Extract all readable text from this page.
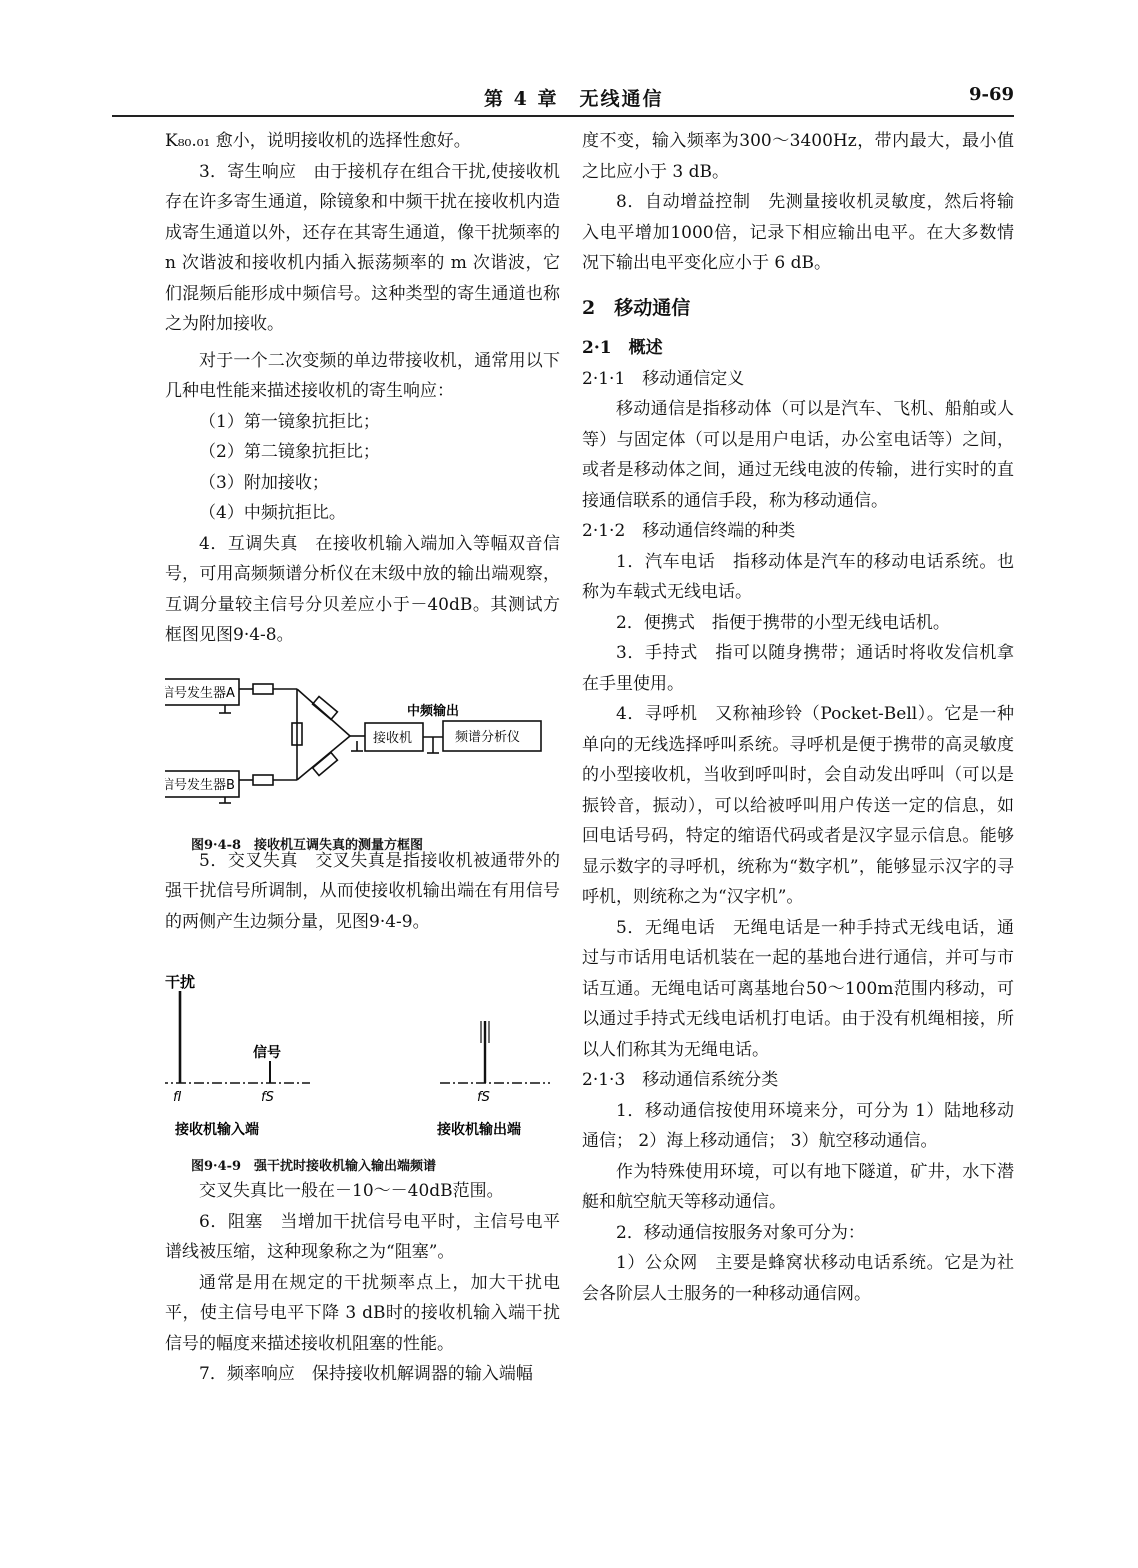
第 4 章　无线通信	9-69

K₈₀.₀₁ 愈小，说明接收机的选择性愈好。

3．寄生响应　由于接机存在组合干扰,使接收机存在许多寄生通道，除镜象和中频干扰在接收机内造成寄生通道以外，还存在其寄生通道，像干扰频率的 n 次谐波和接收机内插入振荡频率的 m 次谐波，它们混频后能形成中频信号。这种类型的寄生通道也称之为附加接收。

对于一个二次变频的单边带接收机，通常用以下几种电性能来描述接收机的寄生响应：

（1）第一镜象抗拒比；

（2）第二镜象抗拒比；

（3）附加接收；

（4）中频抗拒比。

4．互调失真　在接收机输入端加入等幅双音信号，可用高频频谱分析仪在末级中放的输出端观察，互调分量较主信号分贝差应小于－40dB。其测试方框图见图9·4-8。

信号发生器A
信号发生器B
接收机	频谱分析仪
中频输出

图9·4-8　接收机互调失真的测量方框图

5．交叉失真　交叉失真是指接收机被通带外的强干扰信号所调制，从而使接收机输出端在有用信号的两侧产生边频分量，见图9·4-9。

干扰
信号
fI	fS	fS
接收机输入端	接收机输出端

图9·4-9　强干扰时接收机输入输出端频谱

交叉失真比一般在－10～－40dB范围。

6．阻塞　当增加干扰信号电平时，主信号电平谱线被压缩，这种现象称之为“阻塞”。

通常是用在规定的干扰频率点上，加大干扰电平，使主信号电平下降 3 dB时的接收机输入端干扰信号的幅度来描述接收机阻塞的性能。

7．频率响应　保持接收机解调器的输入端幅

度不变，输入频率为300～3400Hz，带内最大，最小值之比应小于 3 dB。

8．自动增益控制　先测量接收机灵敏度，然后将输入电平增加1000倍，记录下相应输出电平。在大多数情况下输出电平变化应小于 6 dB。

2　移动通信

2·1　概述

2·1·1　移动通信定义

移动通信是指移动体（可以是汽车、飞机、船舶或人等）与固定体（可以是用户电话，办公室电话等）之间，或者是移动体之间，通过无线电波的传输，进行实时的直接通信联系的通信手段，称为移动通信。

2·1·2　移动通信终端的种类

1．汽车电话　指移动体是汽车的移动电话系统。也称为车载式无线电话。

2．便携式　指便于携带的小型无线电话机。

3．手持式　指可以随身携带；通话时将收发信机拿在手里使用。

4．寻呼机　又称袖珍铃（Pocket-Bell）。它是一种单向的无线选择呼叫系统。寻呼机是便于携带的高灵敏度的小型接收机，当收到呼叫时，会自动发出呼叫（可以是振铃音，振动），可以给被呼叫用户传送一定的信息，如回电话号码，特定的缩语代码或者是汉字显示信息。能够显示数字的寻呼机，统称为“数字机”，能够显示汉字的寻呼机，则统称之为“汉字机”。

5．无绳电话　无绳电话是一种手持式无线电话，通过与市话用电话机装在一起的基地台进行通信，并可与市话互通。无绳电话可离基地台50～100m范围内移动，可以通过手持式无线电话机打电话。由于没有机绳相接，所以人们称其为无绳电话。

2·1·3　移动通信系统分类

1．移动通信按使用环境来分，可分为 1）陆地移动通信； 2）海上移动通信； 3）航空移动通信。

作为特殊使用环境，可以有地下隧道，矿井，水下潜艇和航空航天等移动通信。

2．移动通信按服务对象可分为：

1）公众网　主要是蜂窝状移动电话系统。它是为社会各阶层人士服务的一种移动通信网。
